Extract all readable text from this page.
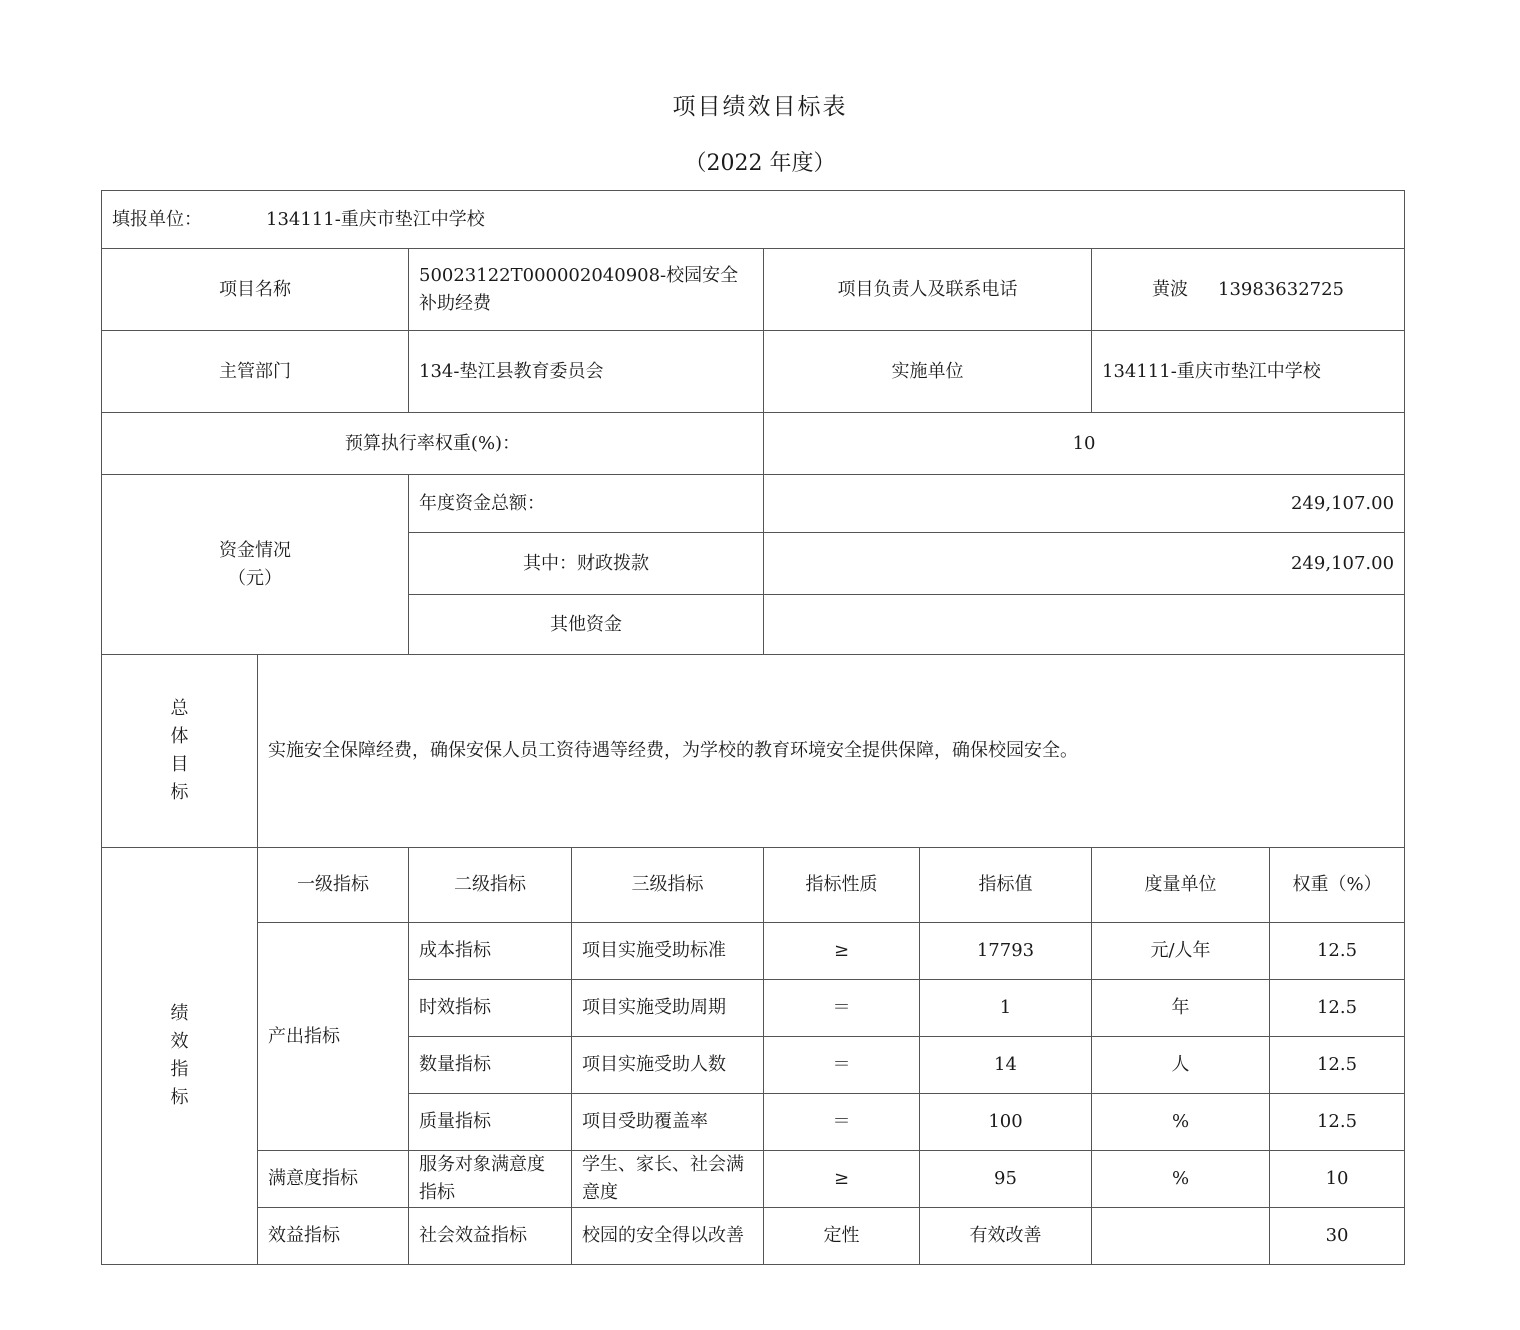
项目绩效目标表
（2022 年度）
填报单位： 134111-重庆市垫江中学校							
项目名称		50023122T000002040908-校园安全补助经费		项目负责人及联系电话		黄波 13983632725	
主管部门		134-垫江县教育委员会		实施单位		134111-重庆市垫江中学校	
预算执行率权重(%)：				10			

资金情况
（元）		年度资金总额：		249,107.00			
		其中：财政拨款		249,107.00			
		其他资金					

总
体
目
标	实施安全保障经费，确保安保人员工资待遇等经费，为学校的教育环境安全提供保障，确保校园安全。						

绩
效
指
标	一级指标	二级指标	三级指标	指标性质	指标值	度量单位	权重（%）
	产出指标	成本指标	项目实施受助标准	≥	17793	元/人年	12.5
		时效指标	项目实施受助周期	＝	1	年	12.5
		数量指标	项目实施受助人数	＝	14	人	12.5
		质量指标	项目受助覆盖率	＝	100	%	12.5
	满意度指标	服务对象满意度指标	学生、家长、社会满意度	≥	95	%	10
	效益指标	社会效益指标	校园的安全得以改善	定性	有效改善		30
